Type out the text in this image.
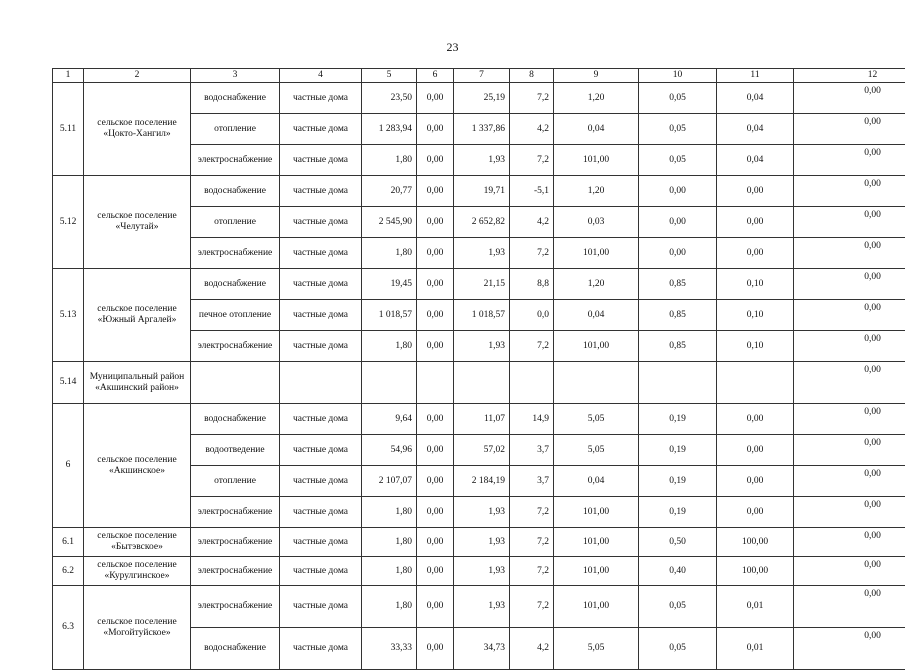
23
1	2	3	4	5	6	7	8	9	10	11	12
5.11	сельское поселение «Цокто-Хангил»	водоснабжение	частные дома	23,50	0,00	25,19	7,2	1,20	0,05	0,04	0,00
		отопление	частные дома	1 283,94	0,00	1 337,86	4,2	0,04	0,05	0,04	0,00
		электроснабжение	частные дома	1,80	0,00	1,93	7,2	101,00	0,05	0,04	0,00
5.12	сельское поселение «Челутай»	водоснабжение	частные дома	20,77	0,00	19,71	-5,1	1,20	0,00	0,00	0,00
		отопление	частные дома	2 545,90	0,00	2 652,82	4,2	0,03	0,00	0,00	0,00
		электроснабжение	частные дома	1,80	0,00	1,93	7,2	101,00	0,00	0,00	0,00
5.13	сельское поселение «Южный Аргалей»	водоснабжение	частные дома	19,45	0,00	21,15	8,8	1,20	0,85	0,10	0,00
		печное отопление	частные дома	1 018,57	0,00	1 018,57	0,0	0,04	0,85	0,10	0,00
		электроснабжение	частные дома	1,80	0,00	1,93	7,2	101,00	0,85	0,10	0,00
5.14	Муниципальный район «Акшинский район»										0,00
6	сельское поселение «Акшинское»	водоснабжение	частные дома	9,64	0,00	11,07	14,9	5,05	0,19	0,00	0,00
		водоотведение	частные дома	54,96	0,00	57,02	3,7	5,05	0,19	0,00	0,00
		отопление	частные дома	2 107,07	0,00	2 184,19	3,7	0,04	0,19	0,00	0,00
		электроснабжение	частные дома	1,80	0,00	1,93	7,2	101,00	0,19	0,00	0,00
6.1	сельское поселение «Бытэвское»	электроснабжение	частные дома	1,80	0,00	1,93	7,2	101,00	0,50	100,00	0,00
6.2	сельское поселение «Курулгинское»	электроснабжение	частные дома	1,80	0,00	1,93	7,2	101,00	0,40	100,00	0,00
6.3	сельское поселение «Могойтуйское»	электроснабжение	частные дома	1,80	0,00	1,93	7,2	101,00	0,05	0,01	0,00
		водоснабжение	частные дома	33,33	0,00	34,73	4,2	5,05	0,05	0,01	0,00
